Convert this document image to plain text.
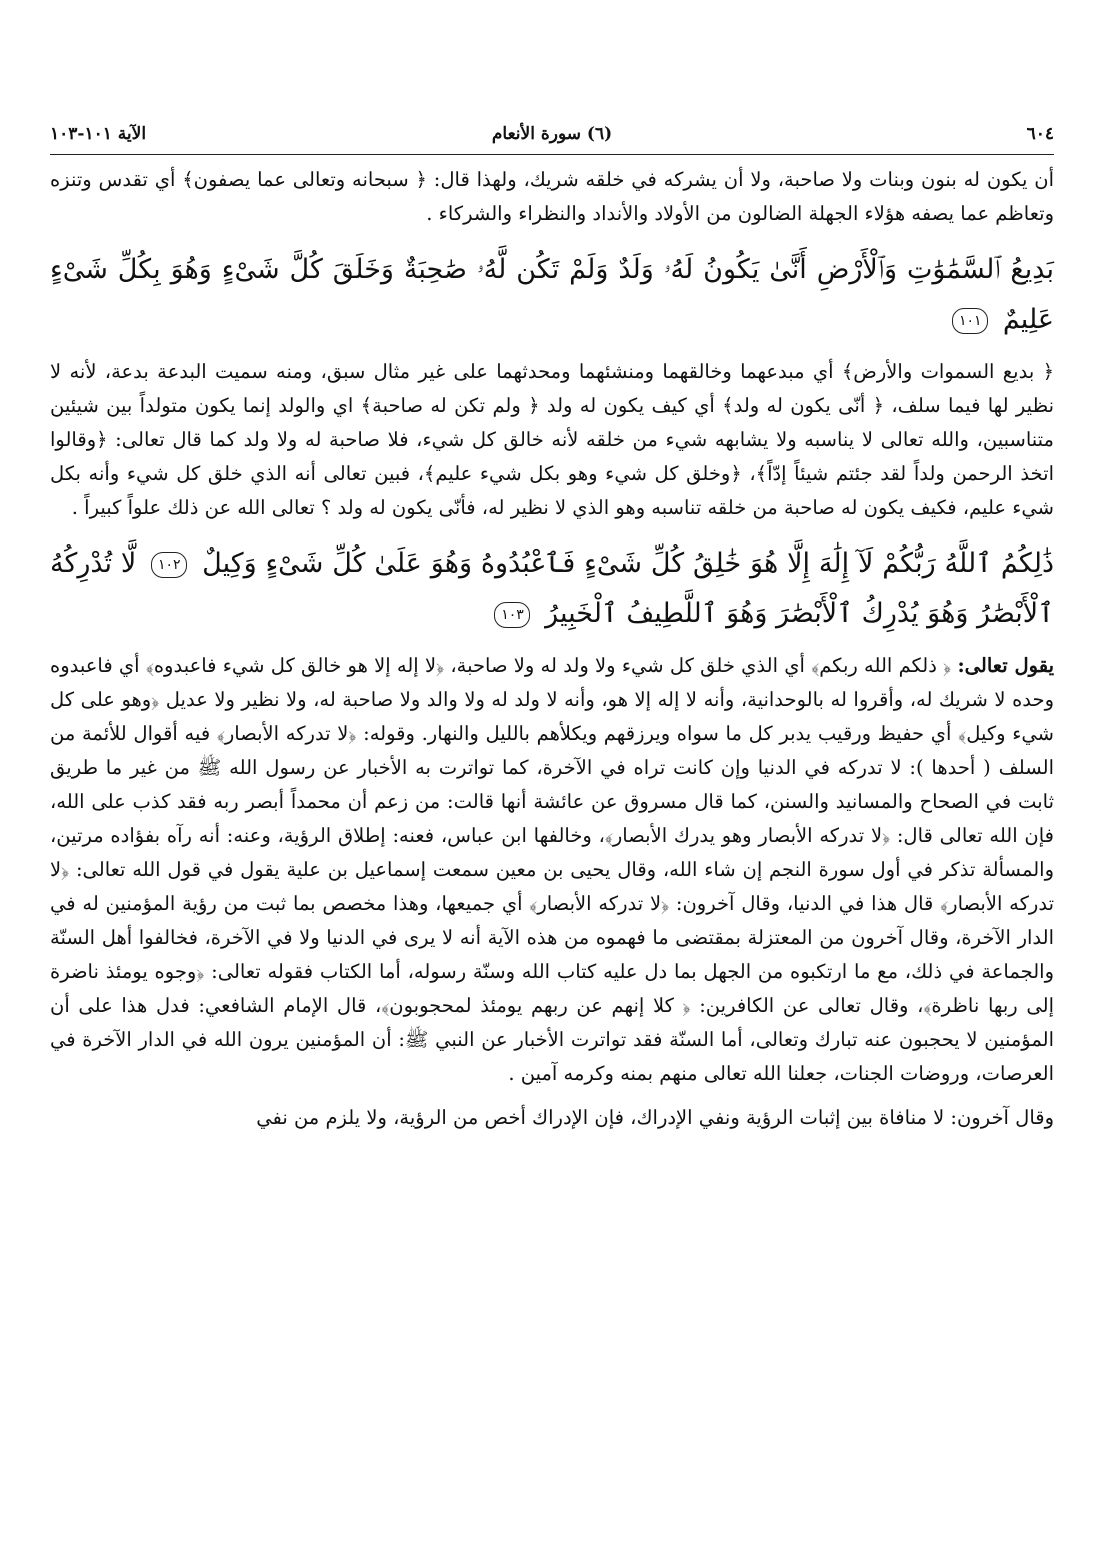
٦٠٤
(٦) سورة الأنعام
الآية ١٠١-١٠٣

أن يكون له بنون وبنات ولا صاحبة، ولا أن يشركه في خلقه شريك، ولهذا قال: ﴿ سبحانه وتعالى عما يصفون﴾ أي تقدس وتنزه وتعاظم عما يصفه هؤلاء الجهلة الضالون من الأولاد والأنداد والنظراء والشركاء .

بَدِيعُ ٱلسَّمَٰوَٰتِ وَٱلْأَرْضِ أَنَّىٰ يَكُونُ لَهُۥ وَلَدٌ وَلَمْ تَكُن لَّهُۥ صَٰحِبَةٌ وَخَلَقَ كُلَّ شَىْءٍ وَهُوَ بِكُلِّ شَىْءٍ عَلِيمٌ ١٠١

﴿ بديع السموات والأرض﴾ أي مبدعهما وخالقهما ومنشئهما ومحدثهما على غير مثال سبق، ومنه سميت البدعة بدعة، لأنه لا نظير لها فيما سلف، ﴿ أنّى يكون له ولد﴾ أي كيف يكون له ولد ﴿ ولم تكن له صاحبة﴾ اي والولد إنما يكون متولداً بين شيئين متناسبين، والله تعالى لا يناسبه ولا يشابهه شيء من خلقه لأنه خالق كل شيء، فلا صاحبة له ولا ولد كما قال تعالى: ﴿وقالوا اتخذ الرحمن ولداً لقد جئتم شيئاً إدّاً﴾، ﴿وخلق كل شيء وهو بكل شيء عليم﴾، فبين تعالى أنه الذي خلق كل شيء وأنه بكل شيء عليم، فكيف يكون له صاحبة من خلقه تناسبه وهو الذي لا نظير له، فأنّى يكون له ولد ؟ تعالى الله عن ذلك علواً كبيراً .

ذَٰلِكُمُ ٱللَّهُ رَبُّكُمْ لَآ إِلَٰهَ إِلَّا هُوَ خَٰلِقُ كُلِّ شَىْءٍ فَٱعْبُدُوهُ وَهُوَ عَلَىٰ كُلِّ شَىْءٍ وَكِيلٌ ١٠٢ لَّا تُدْرِكُهُ ٱلْأَبْصَٰرُ وَهُوَ يُدْرِكُ ٱلْأَبْصَٰرَ وَهُوَ ٱللَّطِيفُ ٱلْخَبِيرُ ١٠٣

يقول تعالى: ﴿ ذلكم الله ربكم﴾ أي الذي خلق كل شيء ولا ولد له ولا صاحبة، ﴿لا إله إلا هو خالق كل شيء فاعبدوه﴾ أي فاعبدوه وحده لا شريك له، وأقروا له بالوحدانية، وأنه لا إله إلا هو، وأنه لا ولد له ولا والد ولا صاحبة له، ولا نظير ولا عديل ﴿وهو على كل شيء وكيل﴾ أي حفيظ ورقيب يدبر كل ما سواه ويرزقهم ويكلأهم بالليل والنهار. وقوله: ﴿لا تدركه الأبصار﴾ فيه أقوال للأئمة من السلف ( أحدها ): لا تدركه في الدنيا وإن كانت تراه في الآخرة، كما تواترت به الأخبار عن رسول الله ﷺ من غير ما طريق ثابت في الصحاح والمسانيد والسنن، كما قال مسروق عن عائشة أنها قالت: من زعم أن محمداً أبصر ربه فقد كذب على الله، فإن الله تعالى قال: ﴿لا تدركه الأبصار وهو يدرك الأبصار﴾، وخالفها ابن عباس، فعنه: إطلاق الرؤية، وعنه: أنه رآه بفؤاده مرتين، والمسألة تذكر في أول سورة النجم إن شاء الله، وقال يحيى بن معين سمعت إسماعيل بن علية يقول في قول الله تعالى: ﴿لا تدركه الأبصار﴾ قال هذا في الدنيا، وقال آخرون: ﴿لا تدركه الأبصار﴾ أي جميعها، وهذا مخصص بما ثبت من رؤية المؤمنين له في الدار الآخرة، وقال آخرون من المعتزلة بمقتضى ما فهموه من هذه الآية أنه لا يرى في الدنيا ولا في الآخرة، فخالفوا أهل السنّة والجماعة في ذلك، مع ما ارتكبوه من الجهل بما دل عليه كتاب الله وسنّة رسوله، أما الكتاب فقوله تعالى: ﴿وجوه يومئذ ناضرة إلى ربها ناظرة﴾، وقال تعالى عن الكافرين: ﴿ كلا إنهم عن ربهم يومئذ لمحجوبون﴾، قال الإمام الشافعي: فدل هذا على أن المؤمنين لا يحجبون عنه تبارك وتعالى، أما السنّة فقد تواترت الأخبار عن النبي ﷺ: أن المؤمنين يرون الله في الدار الآخرة في العرصات، وروضات الجنات، جعلنا الله تعالى منهم بمنه وكرمه آمين .

وقال آخرون: لا منافاة بين إثبات الرؤية ونفي الإدراك، فإن الإدراك أخص من الرؤية، ولا يلزم من نفي
